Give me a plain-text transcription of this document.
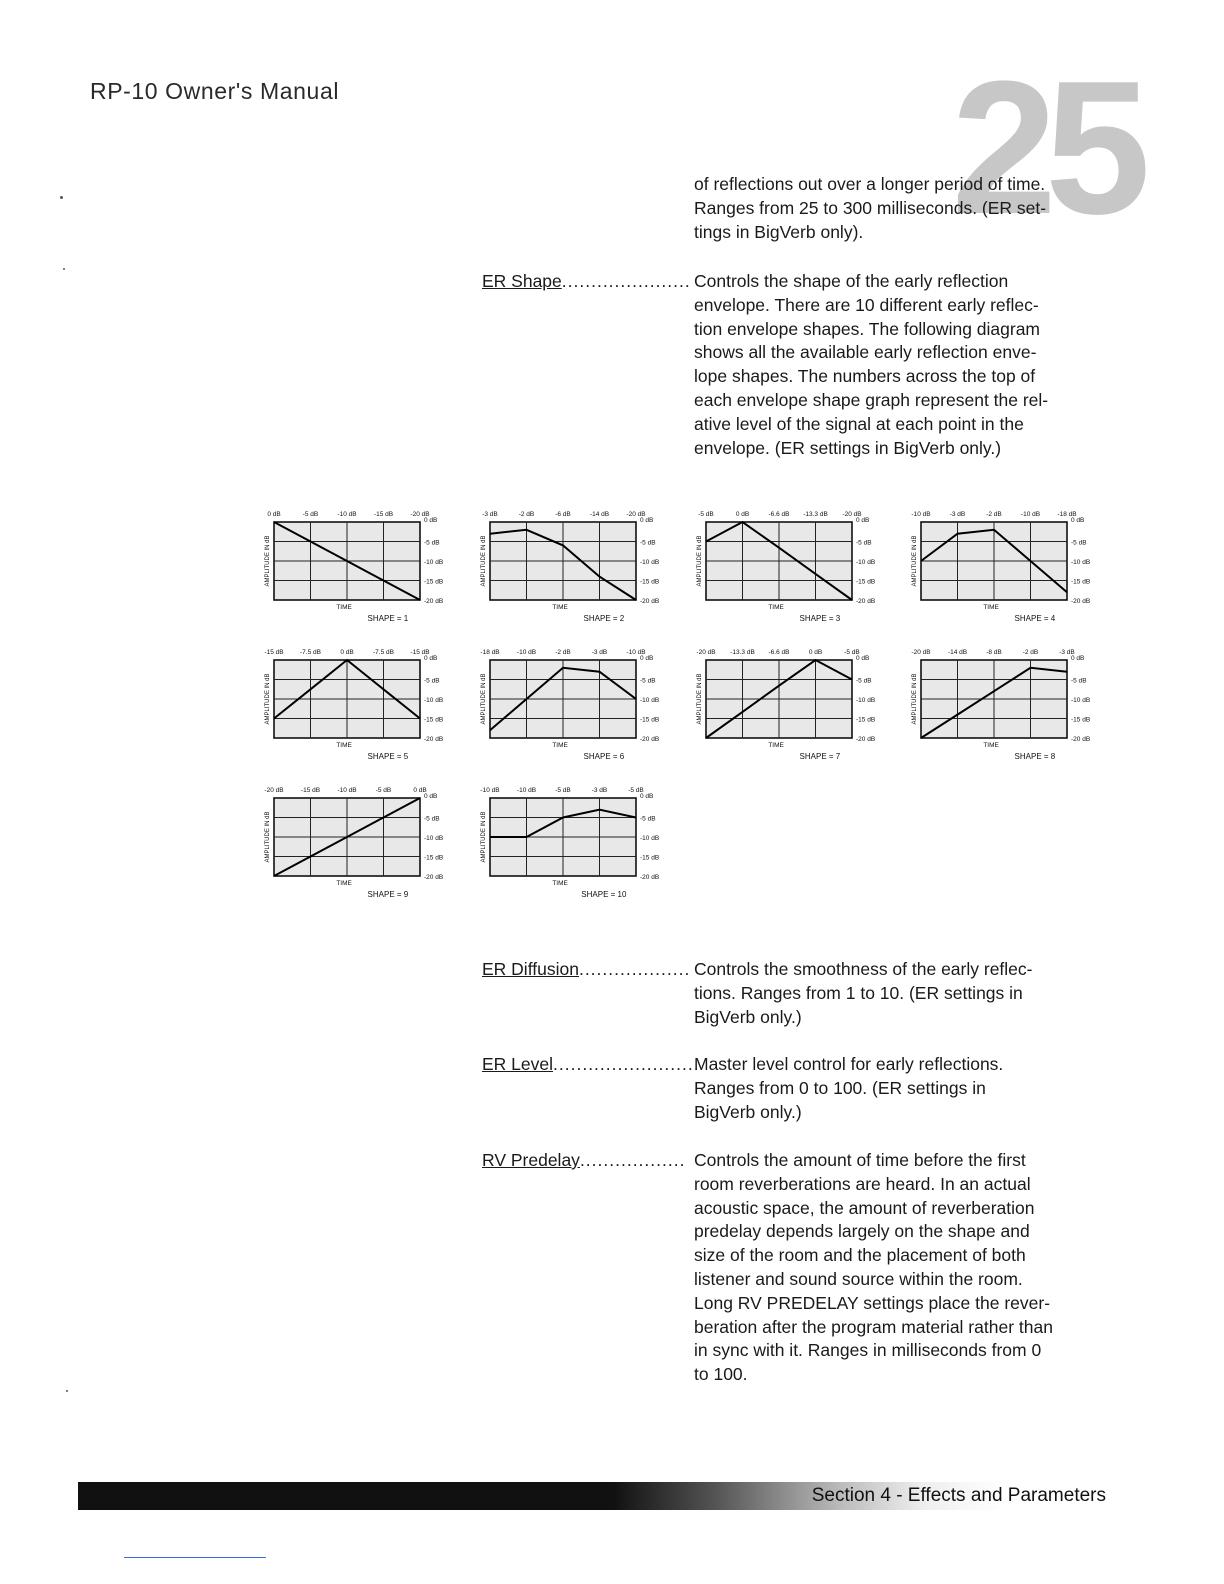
RP-10 Owner's Manual	25

of reflections out over a longer period of time.

Ranges from 25 to 300 milliseconds. (ER set-

tings in BigVerb only).

ER Shape...................... Controls the shape of the early reflection

envelope. There are 10 different early reflec-

tion envelope shapes. The following diagram

shows all the available early reflection enve-

lope shapes. The numbers across the top of

each envelope shape graph represent the rel-

ative level of the signal at each point in the

envelope. (ER settings in BigVerb only.)

0 dB	-5 dB	-10 dB	-15 dB	-20 dB
0 dB
-5 dB
-10 dB
-15 dB
-20 dB
AMPLITUDE IN dB
TIME
SHAPE = 1
-3 dB	-2 dB	-6 dB	-14 dB	-20 dB
0 dB
-5 dB
-10 dB
-15 dB
-20 dB
AMPLITUDE IN dB
TIME
SHAPE = 2
-5 dB	0 dB	-6.6 dB -13.3 dB -20 dB
0 dB
-5 dB
-10 dB
-15 dB
-20 dB
AMPLITUDE IN dB
TIME
SHAPE = 3
-10 dB	-3 dB	-2 dB	-10 dB	-18 dB
0 dB
-5 dB
-10 dB
-15 dB
-20 dB
AMPLITUDE IN dB
TIME
SHAPE = 4
-15 dB	-7.5 dB	0 dB	-7.5 dB	-15 dB
0 dB
-5 dB
-10 dB
-15 dB
-20 dB
AMPLITUDE IN dB
TIME
SHAPE = 5
-18 dB	-10 dB	-2 dB	-3 dB	-10 dB
0 dB
-5 dB
-10 dB
-15 dB
-20 dB
AMPLITUDE IN dB
TIME
SHAPE = 6
-20 dB -13.3 dB -6.6 dB	0 dB	-5 dB
0 dB
-5 dB
-10 dB
-15 dB
-20 dB
AMPLITUDE IN dB
TIME
SHAPE = 7
-20 dB	-14 dB	-8 dB	-2 dB	-3 dB
0 dB
-5 dB
-10 dB
-15 dB
-20 dB
AMPLITUDE IN dB
TIME
SHAPE = 8
-20 dB	-15 dB	-10 dB	-5 dB	0 dB
0 dB
-5 dB
-10 dB
-15 dB
-20 dB
AMPLITUDE IN dB
TIME
SHAPE = 9
-10 dB	-10 dB	-5 dB	-3 dB	-5 dB
0 dB
-5 dB
-10 dB
-15 dB
-20 dB
AMPLITUDE IN dB
TIME
SHAPE = 10
ER Diffusion................... Controls the smoothness of the early reflec-

tions. Ranges from 1 to 10. (ER settings in

BigVerb only.)

ER Level.........................

Master level control for early reflections.

Ranges from 0 to 100. (ER settings in

BigVerb only.)

RV Predelay.................. Controls the amount of time before the first

room reverberations are heard. In an actual

acoustic space, the amount of reverberation

predelay depends largely on the shape and

size of the room and the placement of both

listener and sound source within the room.

Long RV PREDELAY settings place the rever-

beration after the program material rather than

in sync with it. Ranges in milliseconds from 0

to 100.

Section 4 - Effects and Parameters
